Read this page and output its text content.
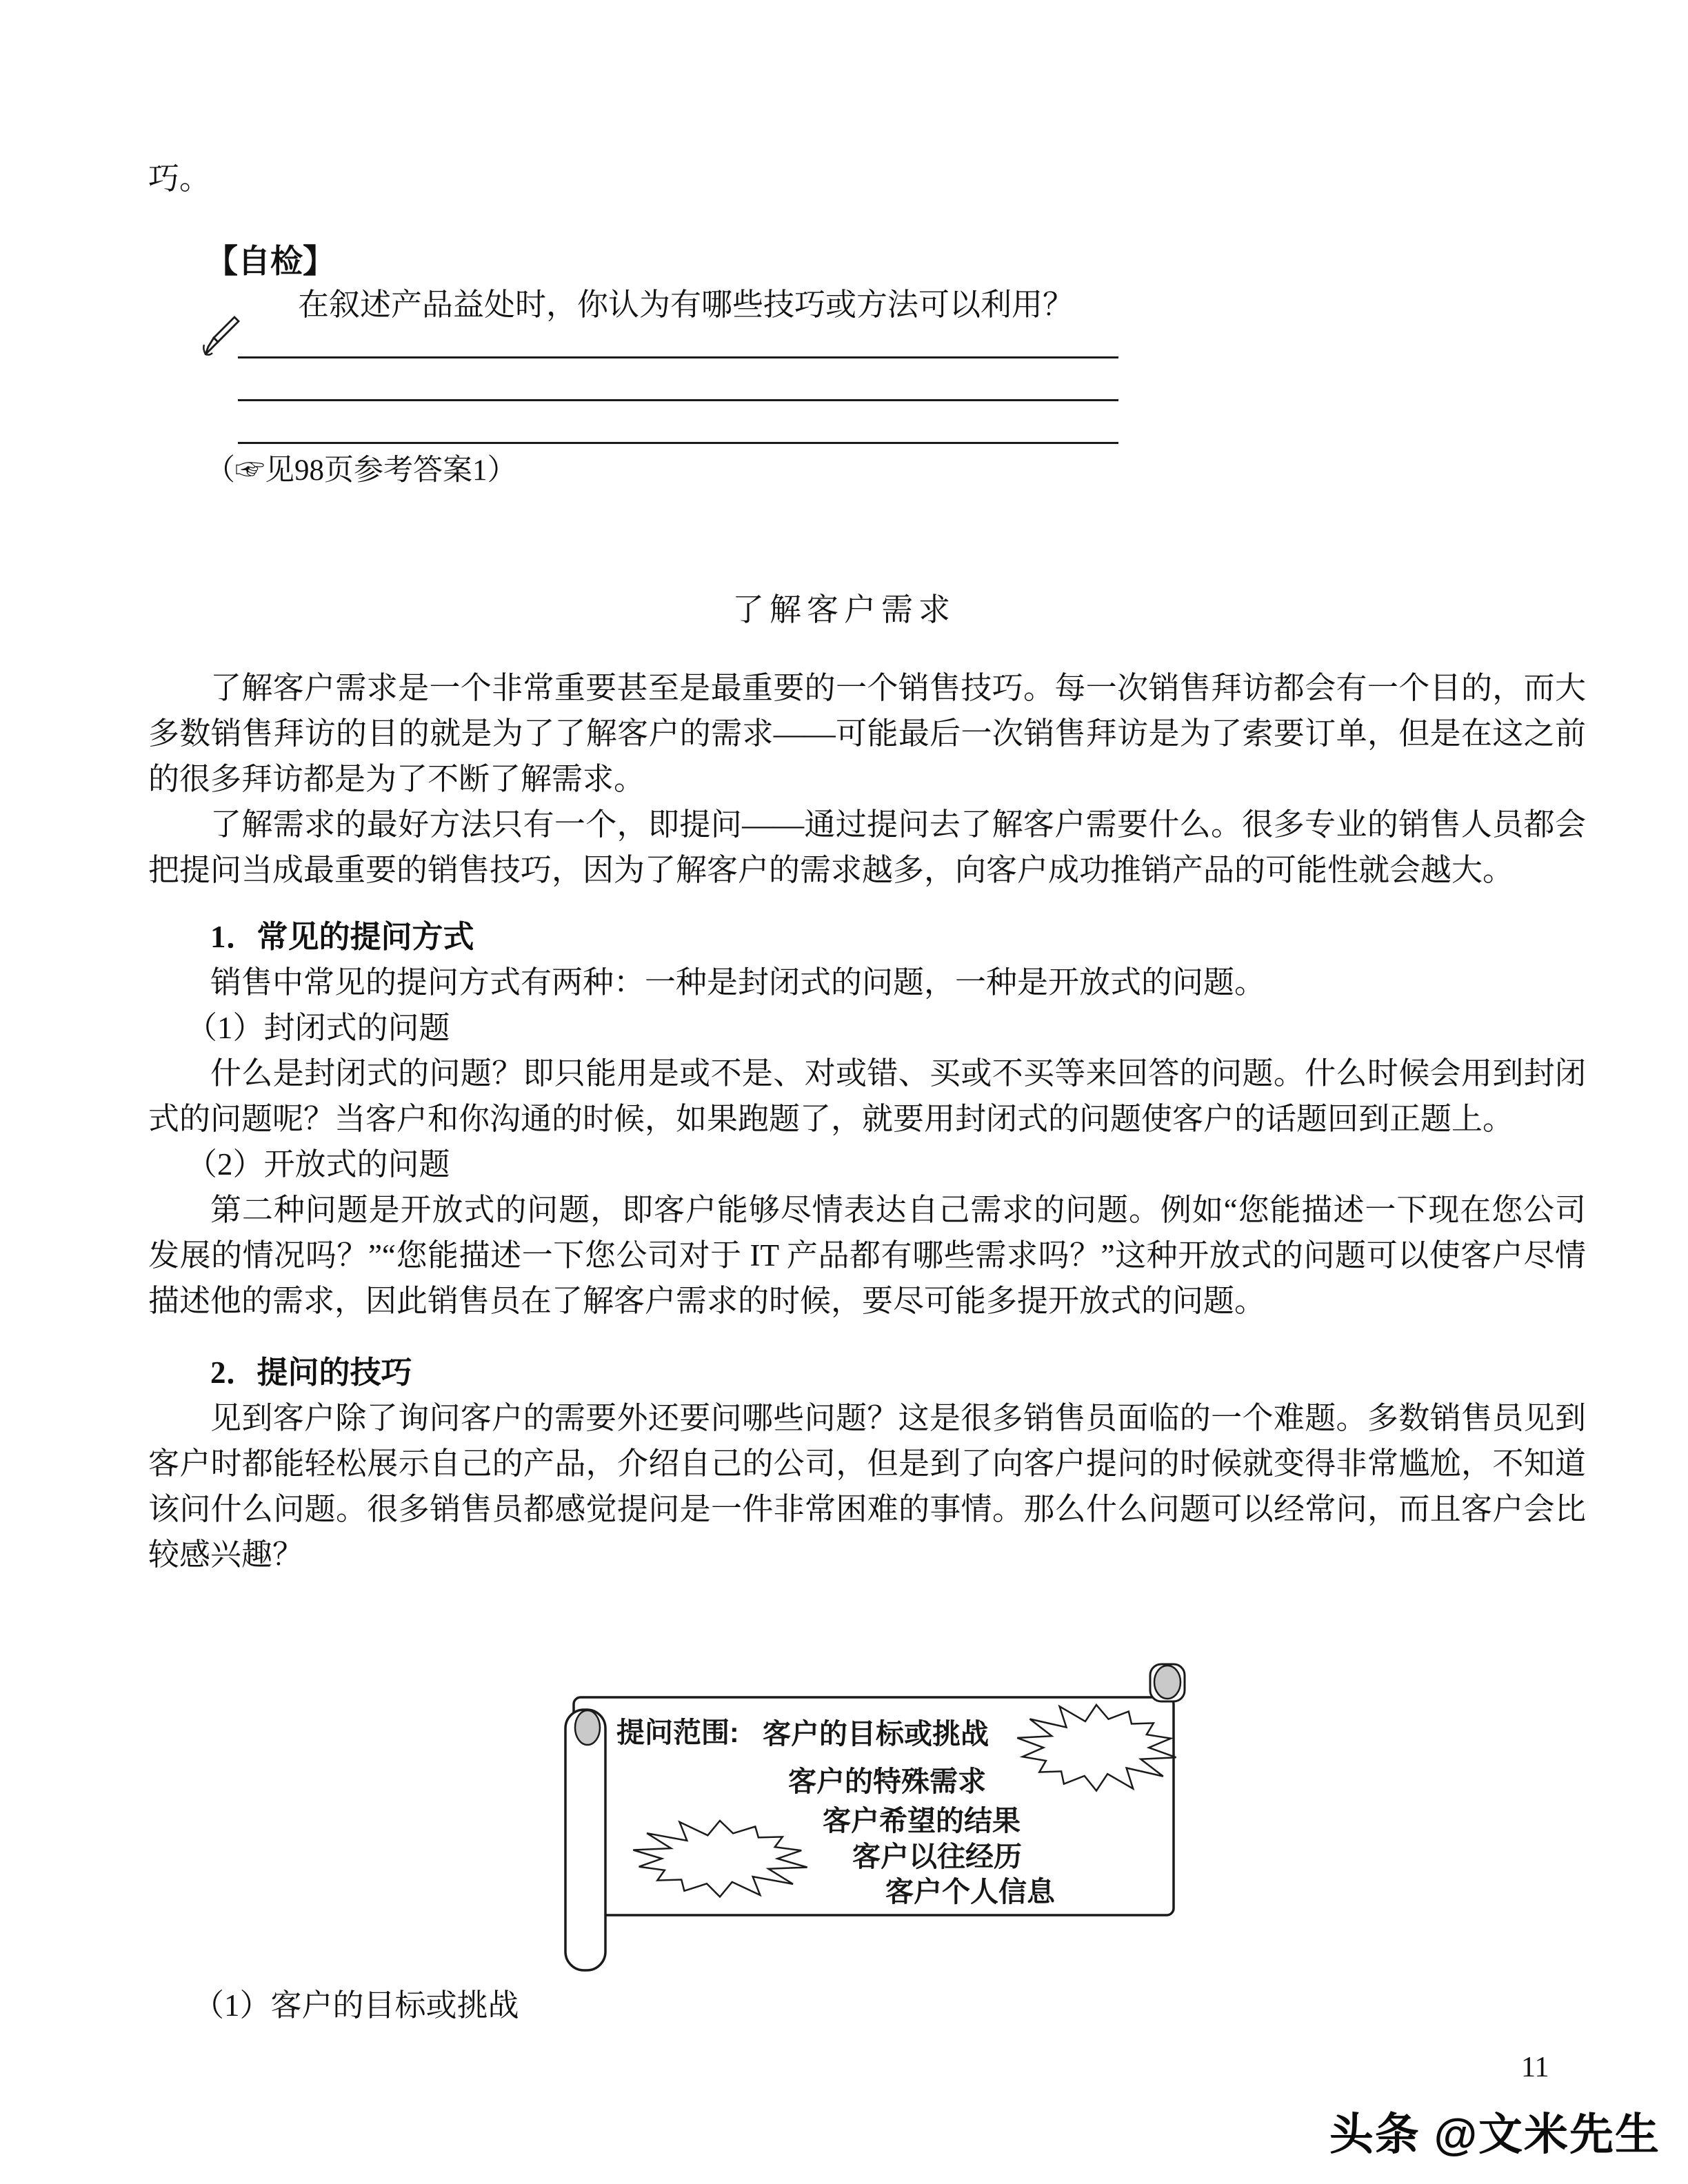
巧。
【自检】
在叙述产品益处时，你认为有哪些技巧或方法可以利用？
（☞见98页参考答案1）
了解客户需求

了解客户需求是一个非常重要甚至是最重要的一个销售技巧。每一次销售拜访都会有一个目的，而大多数销售拜访的目的就是为了了解客户的需求——可能最后一次销售拜访是为了索要订单，但是在这之前的很多拜访都是为了不断了解需求。

了解需求的最好方法只有一个，即提问——通过提问去了解客户需要什么。很多专业的销售人员都会把提问当成最重要的销售技巧，因为了解客户的需求越多，向客户成功推销产品的可能性就会越大。

1．常见的提问方式

销售中常见的提问方式有两种：一种是封闭式的问题，一种是开放式的问题。

（1）封闭式的问题

什么是封闭式的问题？即只能用是或不是、对或错、买或不买等来回答的问题。什么时候会用到封闭式的问题呢？当客户和你沟通的时候，如果跑题了，就要用封闭式的问题使客户的话题回到正题上。

（2）开放式的问题

第二种问题是开放式的问题，即客户能够尽情表达自己需求的问题。例如“您能描述一下现在您公司发展的情况吗？”“您能描述一下您公司对于 IT 产品都有哪些需求吗？”这种开放式的问题可以使客户尽情描述他的需求，因此销售员在了解客户需求的时候，要尽可能多提开放式的问题。

2．提问的技巧

见到客户除了询问客户的需要外还要问哪些问题？这是很多销售员面临的一个难题。多数销售员见到客户时都能轻松展示自己的产品，介绍自己的公司，但是到了向客户提问的时候就变得非常尴尬，不知道该问什么问题。很多销售员都感觉提问是一件非常困难的事情。那么什么问题可以经常问，而且客户会比较感兴趣？

提问范围: 客户的目标或挑战
客户的特殊需求
客户希望的结果
客户以往经历
客户个人信息
（1）客户的目标或挑战
11
头条 @文米先生
